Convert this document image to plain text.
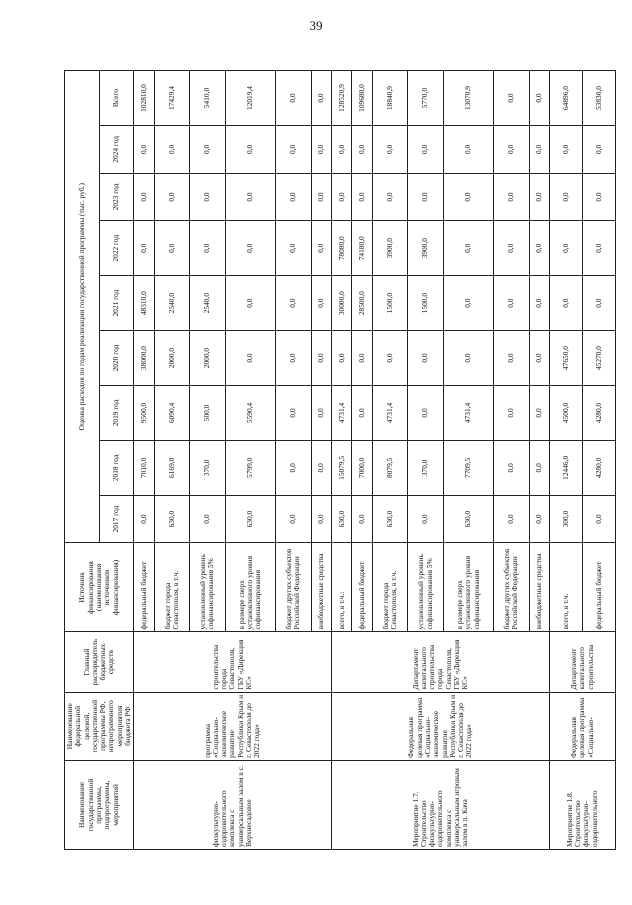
39
Наименование государственной программы, подпрограммы, мероприятий	Наименование федеральной целевой, государственной программы РФ, непрограммного мероприятия бюджета РФ	Главный распорядитель бюджетных средств	Источник финансирования (наименования источников финансирования)	Оценка расходов по годам реализации государственной программы (тыс. руб.)								
				2017 год	2018 год	2019 год	2020 год	2021 год	2022 год	2023 год	2024 год	Всего
физкультурно-оздоровительного комплекса с универсальным залом в с. Верхнесадовое	программа «Социально-экономическое развитие Республики Крым и г. Севастополя до 2022 года»	строительства города Севастополя, ГБУ «Дирекция КС»	федеральный бюджет	0,0	7010,0	9500,0	38000,0	48310,0	0,0	0,0	0,0	102810,0
			бюджет города Севастополя, в т.ч.	630,0	6169,0	6090,4	2000,0	2540,0	0,0	0,0	0,0	17429,4
			установленный уровень софинансирования 5%	0,0	370,0	500,0	2000,0	2540,0	0,0	0,0	0,0	5410,0
			в размере сверх установленного уровня софинансирования	630,0	5799,0	5590,4	0,0	0,0	0,0	0,0	0,0	12019,4
			бюджет других субъектов Российской Федерации	0,0	0,0	0,0	0,0	0,0	0,0	0,0	0,0	0,0
			внебюджетные средства	0,0	0,0	0,0	0,0	0,0	0,0	0,0	0,0	0,0
Мероприятие 1.7. Строительство физкультурно-оздоровительного комплекса с универсальным игровым залом в п. Кача	Федеральная целевая программа «Социально-экономическое развитие Республики Крым и г. Севастополя до 2022 года»	Департамент капитального строительства города Севастополя, ГБУ «Дирекция КС»	всего, в т.ч.:	630,0	15079,5	4731,4	0,0	30000,0	78080,0	0,0	0,0	128520,9
			федеральный бюджет	0,0	7000,0	0,0	0,0	28500,0	74180,0	0,0	0,0	109680,0
			бюджет города Севастополя, в т.ч.	630,0	8079,5	4731,4	0,0	1500,0	3900,0	0,0	0,0	18840,9
			установленный уровень софинансирования 5%	0,0	370,0	0,0	0,0	1500,0	3900,0	0,0	0,0	5770,0
			в размере сверх установленного уровня софинансирования	630,0	7709,5	4731,4	0,0	0,0	0,0	0,0	0,0	13070,9
			бюджет других субъектов Российской Федерации	0,0	0,0	0,0	0,0	0,0	0,0	0,0	0,0	0,0
			внебюджетные средства	0,0	0,0	0,0	0,0	0,0	0,0	0,0	0,0	0,0
Мероприятие 1.8. Строительство физкультурно-оздоровительного	Федеральная целевая программа «Социально-	Департамент капитального строительства	всего, в т.ч.	300,0	12446,0	4500,0	47650,0	0,0	0,0	0,0	0,0	64896,0
			федеральный бюджет	0,0	4280,0	4280,0	45270,0	0,0	0,0	0,0	0,0	53830,0
